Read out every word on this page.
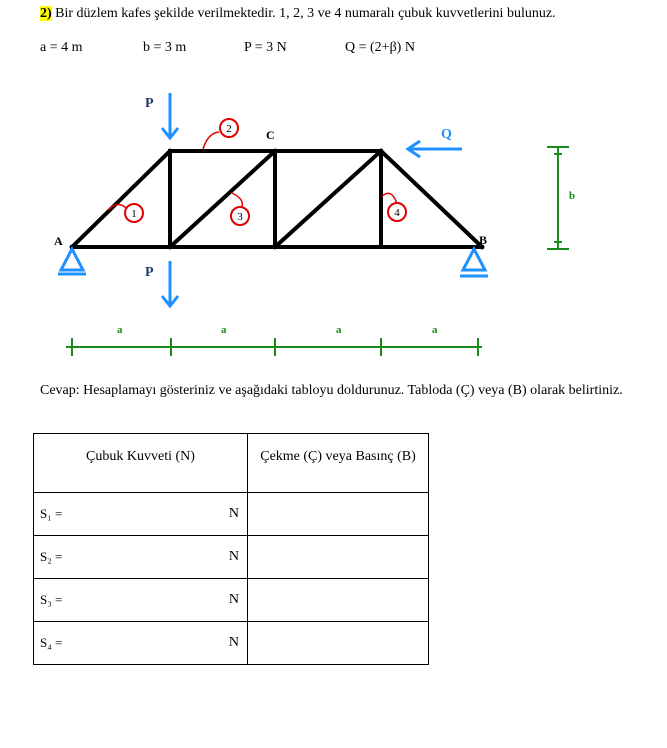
2) Bir düzlem kafes şekilde verilmektedir. 1, 2, 3 ve 4 numaralı çubuk kuvvetlerini bulunuz.
a = 4 m	b = 3 m	P = 3 N	Q = (2+β) N
P
P
Q
A	B
C
1
2
3	4
b
a	a	a	a
Cevap: Hesaplamayı gösteriniz ve aşağıdaki tabloyu doldurunuz. Tabloda (Ç) veya (B) olarak belirtiniz.
Çubuk Kuvveti (N)	Çekme (Ç) veya Basınç (B)

S₁ = N	

S₂ = N	

S₃ = N	

S₄ = N	
